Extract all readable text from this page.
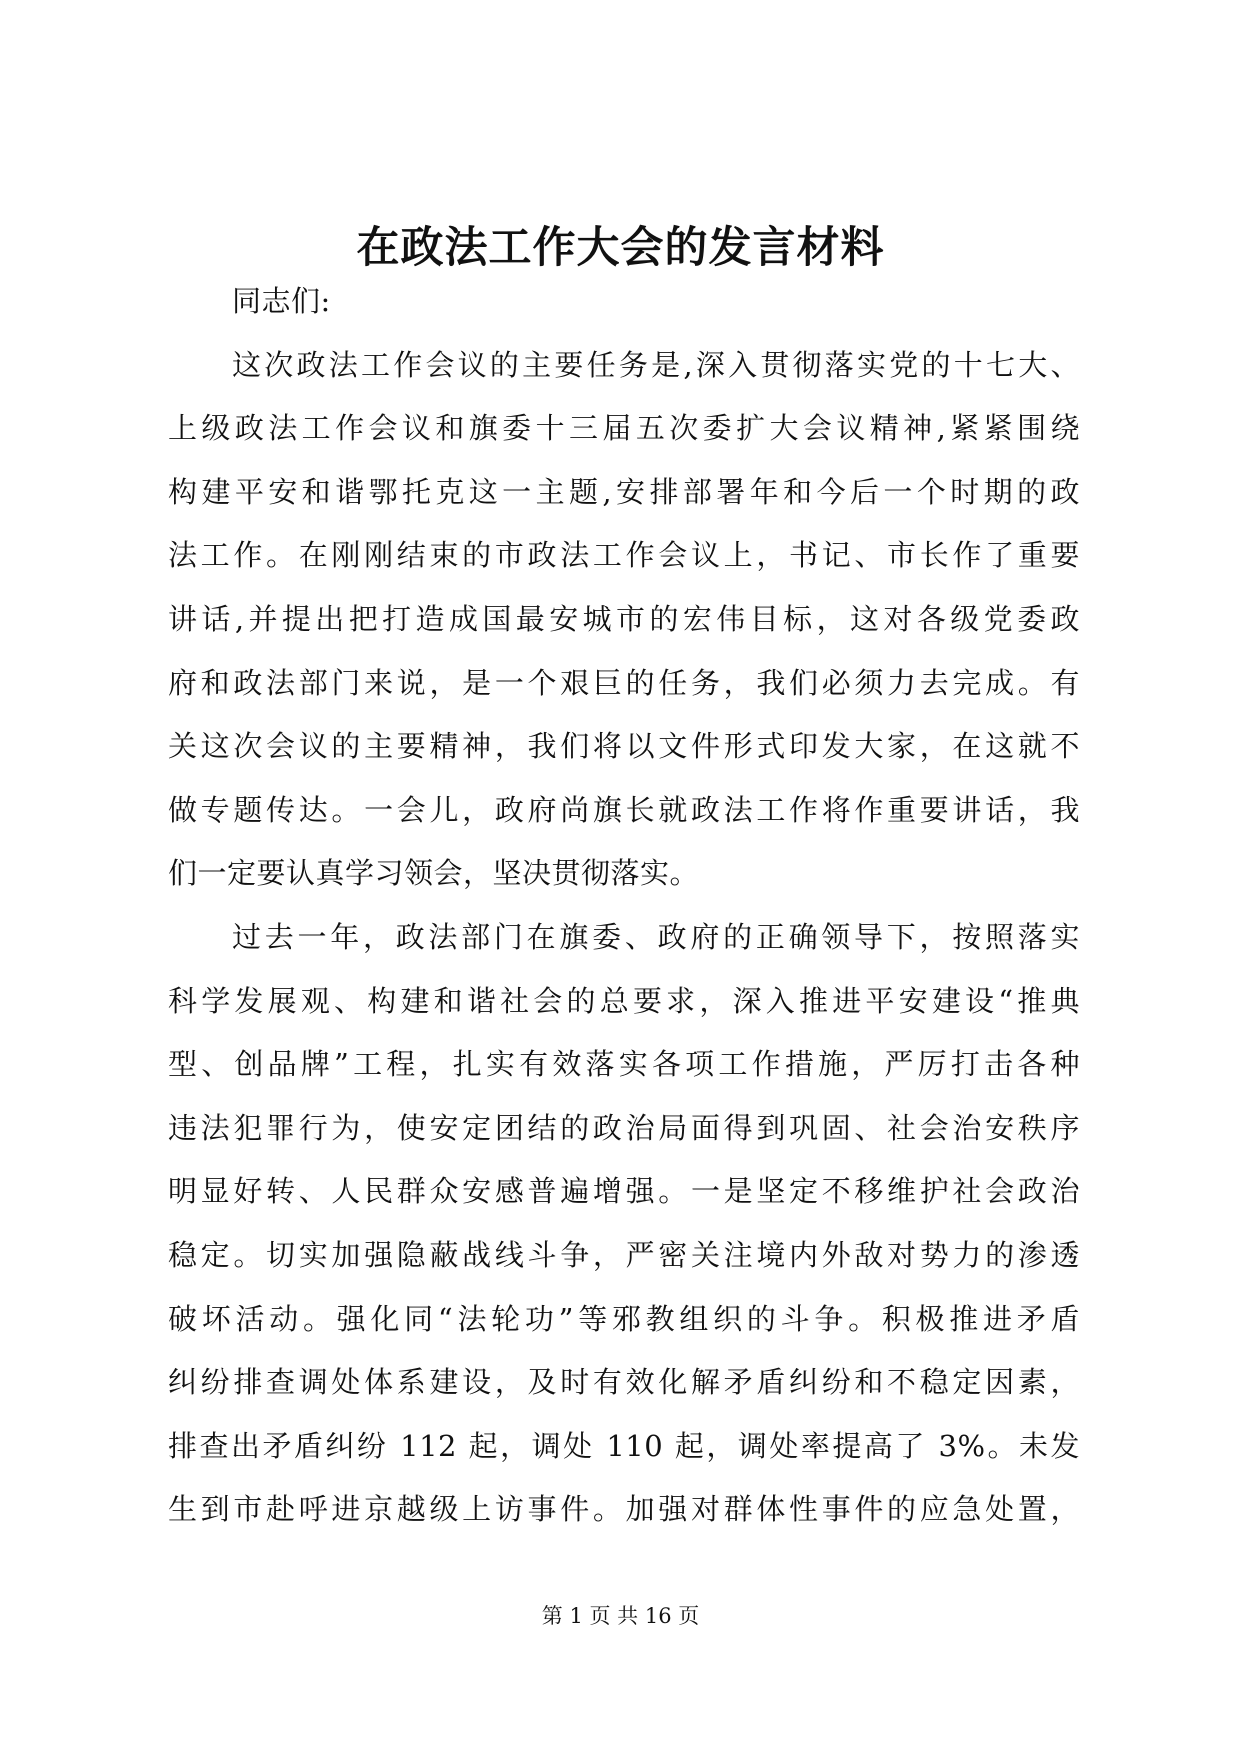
在政法工作大会的发言材料
同志们:
这次政法工作会议的主要任务是,深入贯彻落实党的十七大、
上级政法工作会议和旗委十三届五次委扩大会议精神,紧紧围绕
构建平安和谐鄂托克这一主题,安排部署年和今后一个时期的政
法工作。在刚刚结束的市政法工作会议上，书记、市长作了重要
讲话,并提出把打造成国最安城市的宏伟目标，这对各级党委政
府和政法部门来说，是一个艰巨的任务，我们必须力去完成。有
关这次会议的主要精神，我们将以文件形式印发大家，在这就不
做专题传达。一会儿，政府尚旗长就政法工作将作重要讲话，我
们一定要认真学习领会，坚决贯彻落实。
过去一年，政法部门在旗委、政府的正确领导下，按照落实
科学发展观、构建和谐社会的总要求，深入推进平安建设“推典
型、创品牌”工程，扎实有效落实各项工作措施，严厉打击各种
违法犯罪行为，使安定团结的政治局面得到巩固、社会治安秩序
明显好转、人民群众安感普遍增强。一是坚定不移维护社会政治
稳定。切实加强隐蔽战线斗争，严密关注境内外敌对势力的渗透
破坏活动。强化同“法轮功”等邪教组织的斗争。积极推进矛盾
纠纷排查调处体系建设，及时有效化解矛盾纠纷和不稳定因素，
排查出矛盾纠纷 112 起，调处 110 起，调处率提高了 3%。未发
生到市赴呼进京越级上访事件。加强对群体性事件的应急处置，
第 1 页 共 16 页
